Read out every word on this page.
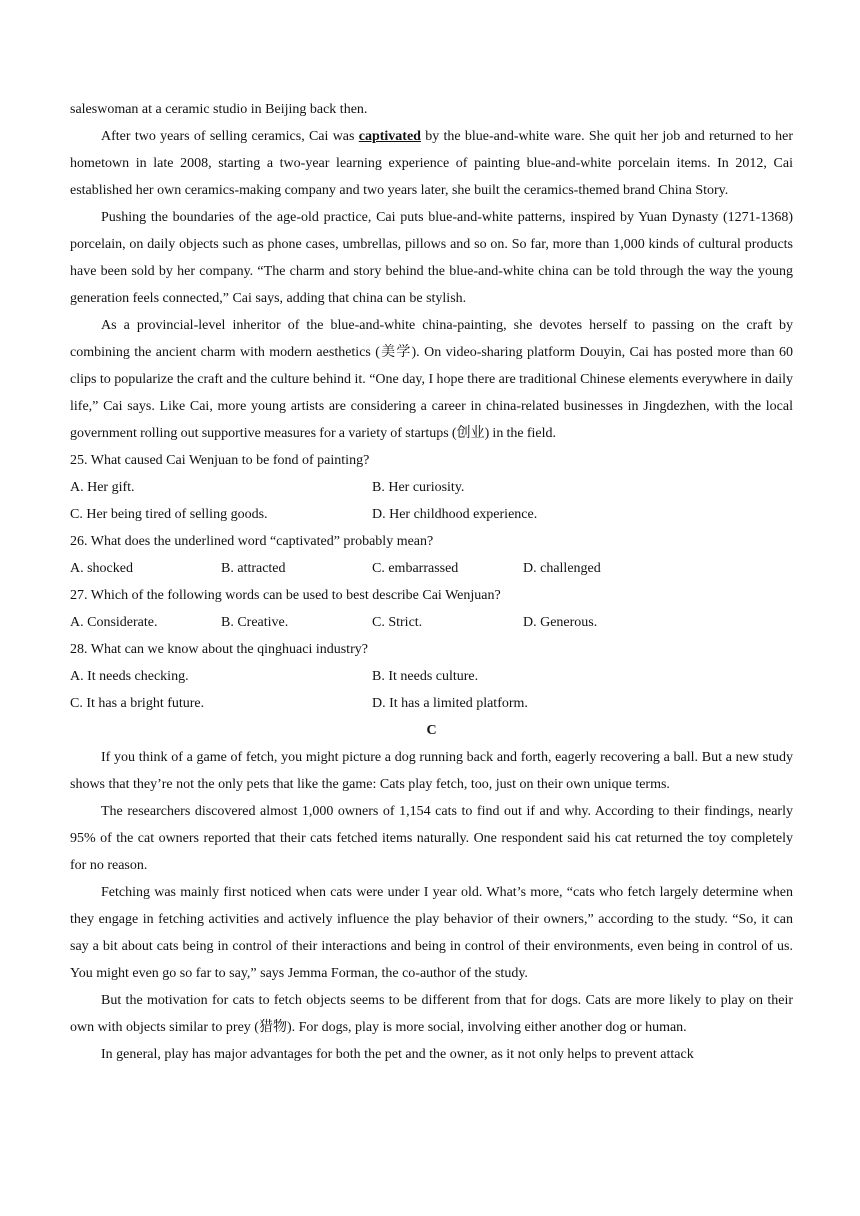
saleswoman at a ceramic studio in Beijing back then.

After two years of selling ceramics, Cai was captivated by the blue-and-white ware. She quit her job and returned to her hometown in late 2008, starting a two-year learning experience of painting blue-and-white porcelain items. In 2012, Cai established her own ceramics-making company and two years later, she built the ceramics-themed brand China Story.

Pushing the boundaries of the age-old practice, Cai puts blue-and-white patterns, inspired by Yuan Dynasty (1271-1368) porcelain, on daily objects such as phone cases, umbrellas, pillows and so on. So far, more than 1,000 kinds of cultural products have been sold by her company. “The charm and story behind the blue-and-white china can be told through the way the young generation feels connected,” Cai says, adding that china can be stylish.

As a provincial-level inheritor of the blue-and-white china-painting, she devotes herself to passing on the craft by combining the ancient charm with modern aesthetics (美学). On video-sharing platform Douyin, Cai has posted more than 60 clips to popularize the craft and the culture behind it. “One day, I hope there are traditional Chinese elements everywhere in daily life,” Cai says. Like Cai, more young artists are considering a career in china-related businesses in Jingdezhen, with the local government rolling out supportive measures for a variety of startups (创业) in the field.

25. What caused Cai Wenjuan to be fond of painting?

A. Her gift.	B. Her curiosity.
C. Her being tired of selling goods.	D. Her childhood experience.

26. What does the underlined word “captivated” probably mean?

A. shocked	B. attracted	C. embarrassed	D. challenged

27. Which of the following words can be used to best describe Cai Wenjuan?

A. Considerate.	B. Creative.	C. Strict.	D. Generous.

28. What can we know about the qinghuaci industry?

A. It needs checking.	B. It needs culture.
C. It has a bright future.	D. It has a limited platform.

C

If you think of a game of fetch, you might picture a dog running back and forth, eagerly recovering a ball. But a new study shows that they’re not the only pets that like the game: Cats play fetch, too, just on their own unique terms.

The researchers discovered almost 1,000 owners of 1,154 cats to find out if and why. According to their findings, nearly 95% of the cat owners reported that their cats fetched items naturally. One respondent said his cat returned the toy completely for no reason.

Fetching was mainly first noticed when cats were under I year old. What’s more, “cats who fetch largely determine when they engage in fetching activities and actively influence the play behavior of their owners,” according to the study. “So, it can say a bit about cats being in control of their interactions and being in control of their environments, even being in control of us. You might even go so far to say,” says Jemma Forman, the co-author of the study.

But the motivation for cats to fetch objects seems to be different from that for dogs. Cats are more likely to play on their own with objects similar to prey (猎物). For dogs, play is more social, involving either another dog or human.

In general, play has major advantages for both the pet and the owner, as it not only helps to prevent attack
